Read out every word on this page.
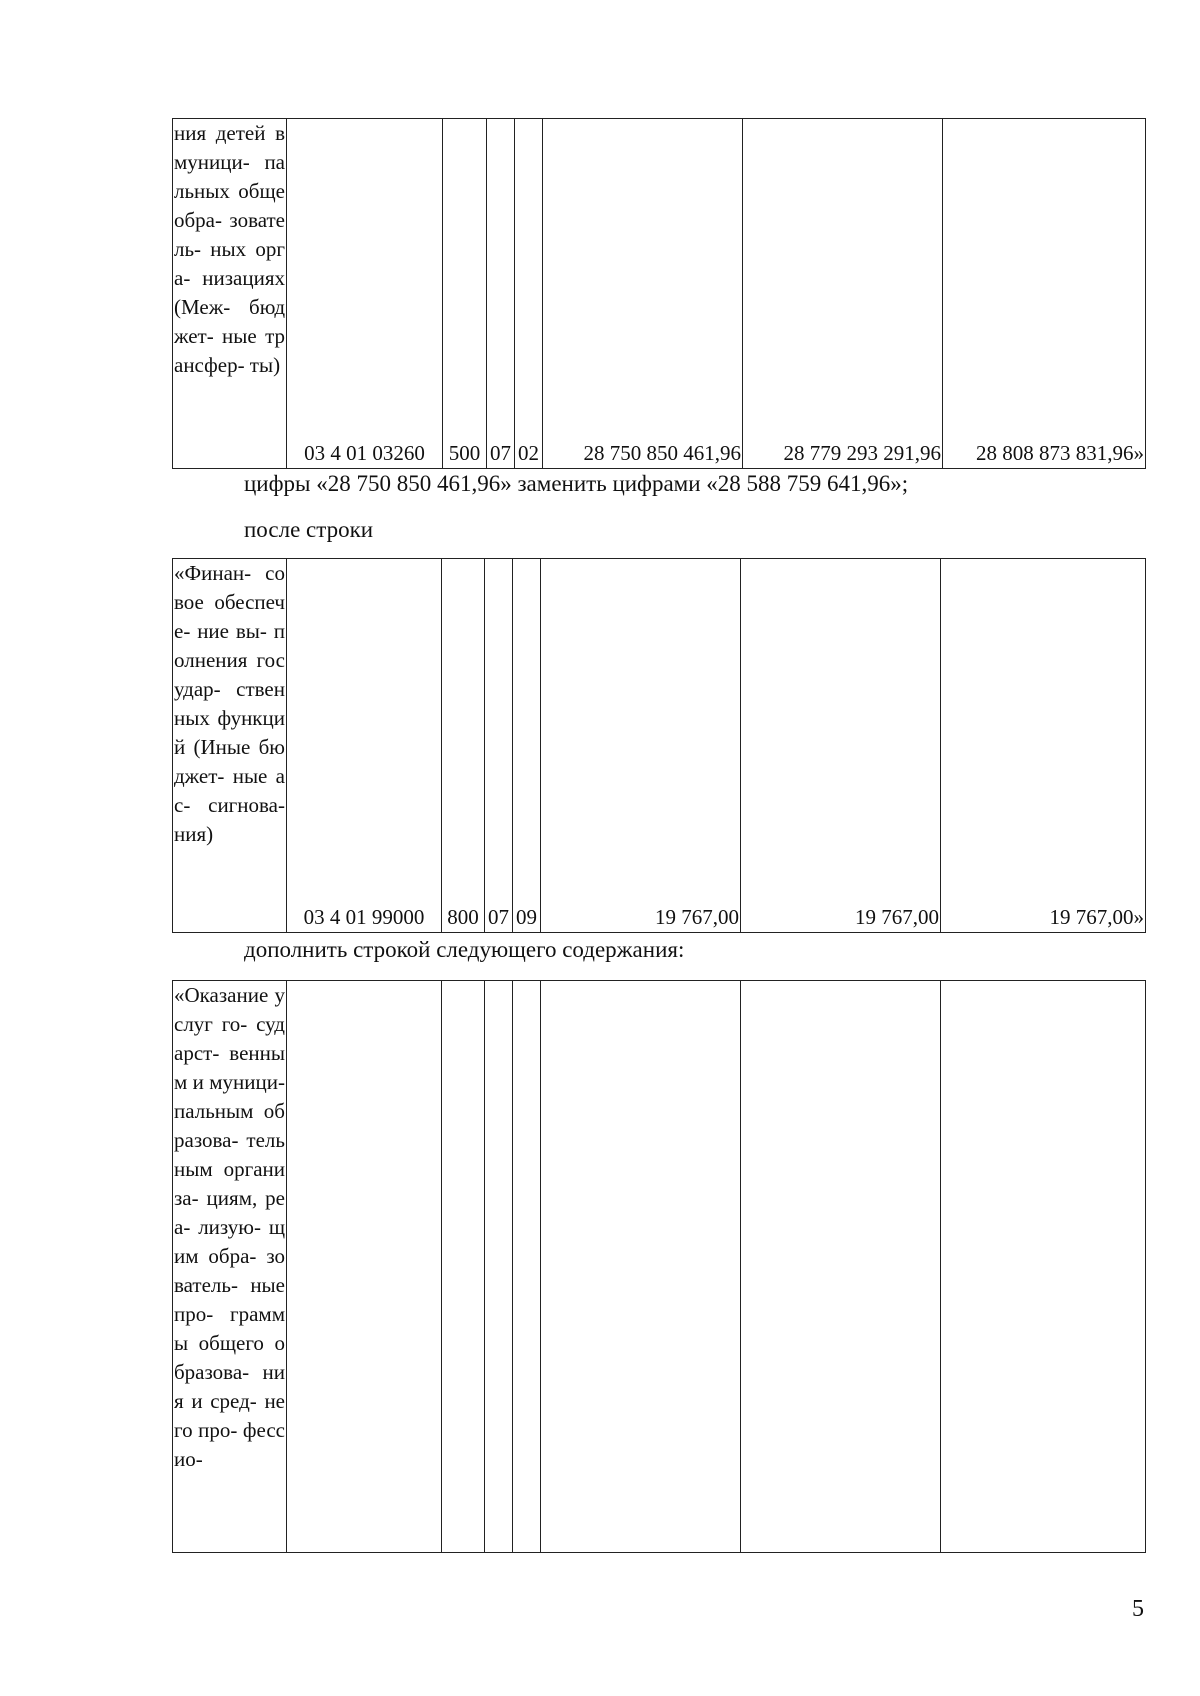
ния детей в муници- пальных общеобра- зователь- ных орга- низациях (Меж- бюджет- ные трансфер- ты)	03 4 01 03260	500	07	02	28 750 850 461,96	28 779 293 291,96	28 808 873 831,96»
цифры «28 750 850 461,96» заменить цифрами «28 588 759 641,96»;
после строки
«Финан- совое обеспече- ние вы- полнения государ- ственных функций (Иные бюджет- ные ас- сигнова- ния)	03 4 01 99000	800	07	09	19 767,00	19 767,00	19 767,00»
дополнить строкой следующего содержания:
«Оказание услуг го- сударст- венным и муници- пальным образова- тельным организа- циям, реа- лизую- щим обра- зователь- ные про- граммы общего образова- ния и сред- него про- фессио-							
5
